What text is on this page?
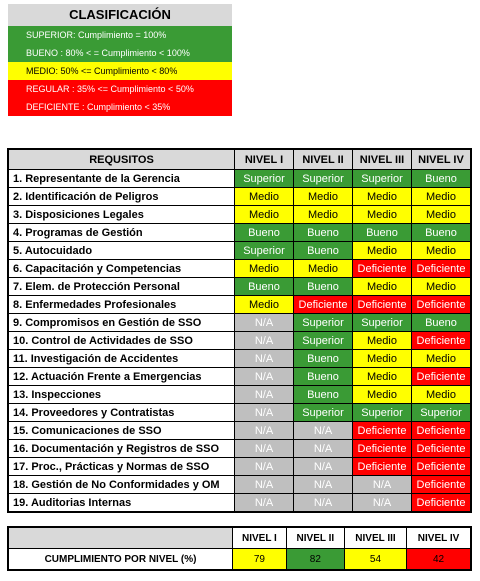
CLASIFICACIÓN
SUPERIOR: Cumplimiento = 100%
BUENO : 80% < = Cumplimiento < 100%
MEDIO: 50% <= Cumplimiento < 80%
REGULAR : 35% <= Cumplimiento < 50%
DEFICIENTE : Cumplimiento < 35%
REQUSITOS	NIVEL I	NIVEL II	NIVEL III	NIVEL IV
1. Representante de la Gerencia	Superior	Superior	Superior	Bueno
2. Identificación de Peligros	Medio	Medio	Medio	Medio
3. Disposiciones Legales	Medio	Medio	Medio	Medio
4. Programas de Gestión	Bueno	Bueno	Bueno	Bueno
5. Autocuidado	Superior	Bueno	Medio	Medio
6. Capacitación y Competencias	Medio	Medio	Deficiente	Deficiente
7. Elem. de Protección Personal	Bueno	Bueno	Medio	Medio
8. Enfermedades Profesionales	Medio	Deficiente	Deficiente	Deficiente
9. Compromisos en Gestión de SSO	N/A	Superior	Superior	Bueno
10. Control de Actividades de SSO	N/A	Superior	Medio	Deficiente
11. Investigación de Accidentes	N/A	Bueno	Medio	Medio
12. Actuación Frente a Emergencias	N/A	Bueno	Medio	Deficiente
13. Inspecciones	N/A	Bueno	Medio	Medio
14. Proveedores y Contratistas	N/A	Superior	Superior	Superior
15. Comunicaciones de SSO	N/A	N/A	Deficiente	Deficiente
16. Documentación y Registros de SSO	N/A	N/A	Deficiente	Deficiente
17. Proc., Prácticas y Normas de SSO	N/A	N/A	Deficiente	Deficiente
18. Gestión de No Conformidades y OM	N/A	N/A	N/A	Deficiente
19. Auditorias Internas	N/A	N/A	N/A	Deficiente
	NIVEL I	NIVEL II	NIVEL III	NIVEL IV
CUMPLIMIENTO POR NIVEL (%)	79	82	54	42
